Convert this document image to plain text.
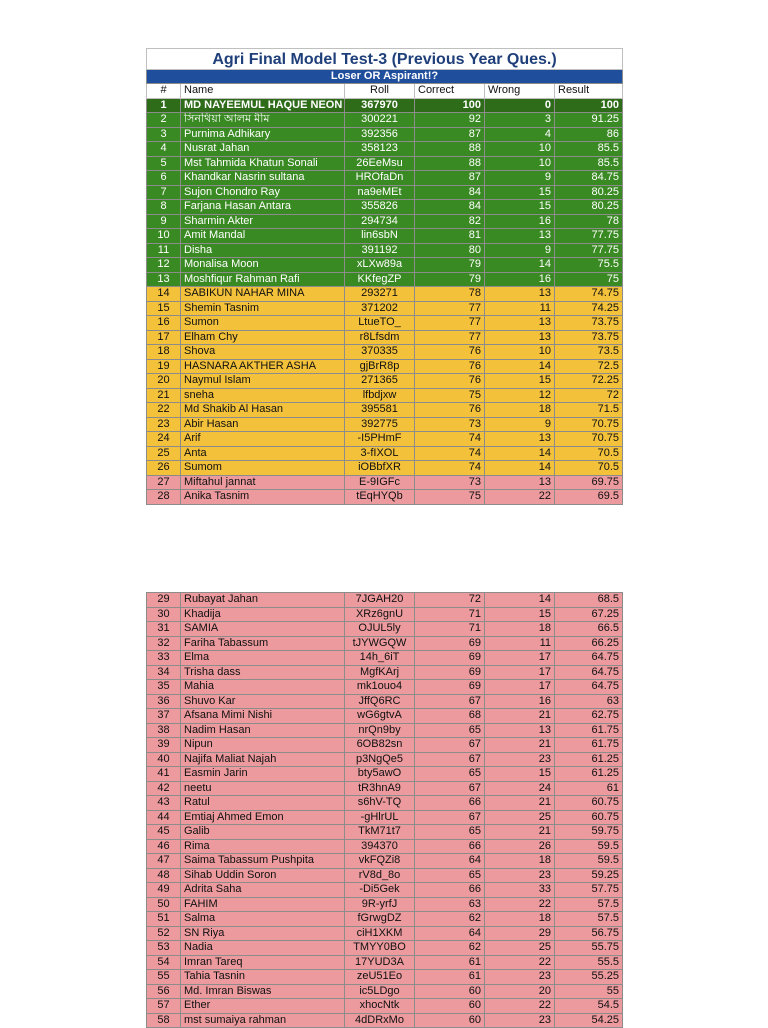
Agri Final Model Test-3 (Previous Year Ques.)					
Loser OR Aspirant!?					
#	Name	Roll	Correct	Wrong	Result
1	MD NAYEEMUL HAQUE NEON	367970	100	0	100
2	সিনথিয়া আলম মীম	300221	92	3	91.25
3	Purnima Adhikary	392356	87	4	86
4	Nusrat Jahan	358123	88	10	85.5
5	Mst Tahmida Khatun Sonali	26EeMsu	88	10	85.5
6	Khandkar Nasrin sultana	HROfaDn	87	9	84.75
7	Sujon Chondro Ray	na9eMEt	84	15	80.25
8	Farjana Hasan Antara	355826	84	15	80.25
9	Sharmin Akter	294734	82	16	78
10	Amit Mandal	lin6sbN	81	13	77.75
11	Disha	391192	80	9	77.75
12	Monalisa Moon	xLXw89a	79	14	75.5
13	Moshfiqur Rahman Rafi	KKfegZP	79	16	75
14	SABIKUN NAHAR MINA	293271	78	13	74.75
15	Shemin Tasnim	371202	77	11	74.25
16	Sumon	LtueTO_	77	13	73.75
17	Elham Chy	r8Lfsdm	77	13	73.75
18	Shova	370335	76	10	73.5
19	HASNARA AKTHER ASHA	gjBrR8p	76	14	72.5
20	Naymul Islam	271365	76	15	72.25
21	sneha	lfbdjxw	75	12	72
22	Md Shakib Al Hasan	395581	76	18	71.5
23	Abir Hasan	392775	73	9	70.75
24	Arif	-I5PHmF	74	13	70.75
25	Anta	3-fIXOL	74	14	70.5
26	Sumom	iOBbfXR	74	14	70.5
27	Miftahul jannat	E-9IGFc	73	13	69.75
28	Anika Tasnim	tEqHYQb	75	22	69.5
29	Rubayat Jahan	7JGAH20	72	14	68.5
30	Khadija	XRz6gnU	71	15	67.25
31	SAMIA	OJUL5ly	71	18	66.5
32	Fariha Tabassum	tJYWGQW	69	11	66.25
33	Elma	14h_6iT	69	17	64.75
34	Trisha dass	MgfKArj	69	17	64.75
35	Mahia	mk1ouo4	69	17	64.75
36	Shuvo Kar	JffQ6RC	67	16	63
37	Afsana Mimi Nishi	wG6gtvA	68	21	62.75
38	Nadim Hasan	nrQn9by	65	13	61.75
39	Nipun	6OB82sn	67	21	61.75
40	Najifa Maliat Najah	p3NgQe5	67	23	61.25
41	Easmin Jarin	bty5awO	65	15	61.25
42	neetu	tR3hnA9	67	24	61
43	Ratul	s6hV-TQ	66	21	60.75
44	Emtiaj Ahmed Emon	-gHlrUL	67	25	60.75
45	Galib	TkM71t7	65	21	59.75
46	Rima	394370	66	26	59.5
47	Saima Tabassum Pushpita	vkFQZi8	64	18	59.5
48	Sihab Uddin Soron	rV8d_8o	65	23	59.25
49	Adrita Saha	-Di5Gek	66	33	57.75
50	FAHIM	9R-yrfJ	63	22	57.5
51	Salma	fGrwgDZ	62	18	57.5
52	SN Riya	ciH1XKM	64	29	56.75
53	Nadia	TMYY0BO	62	25	55.75
54	Imran Tareq	17YUD3A	61	22	55.5
55	Tahia Tasnin	zeU51Eo	61	23	55.25
56	Md. Imran Biswas	ic5LDgo	60	20	55
57	Ether	xhocNtk	60	22	54.5
58	mst sumaiya rahman	4dDRxMo	60	23	54.25
